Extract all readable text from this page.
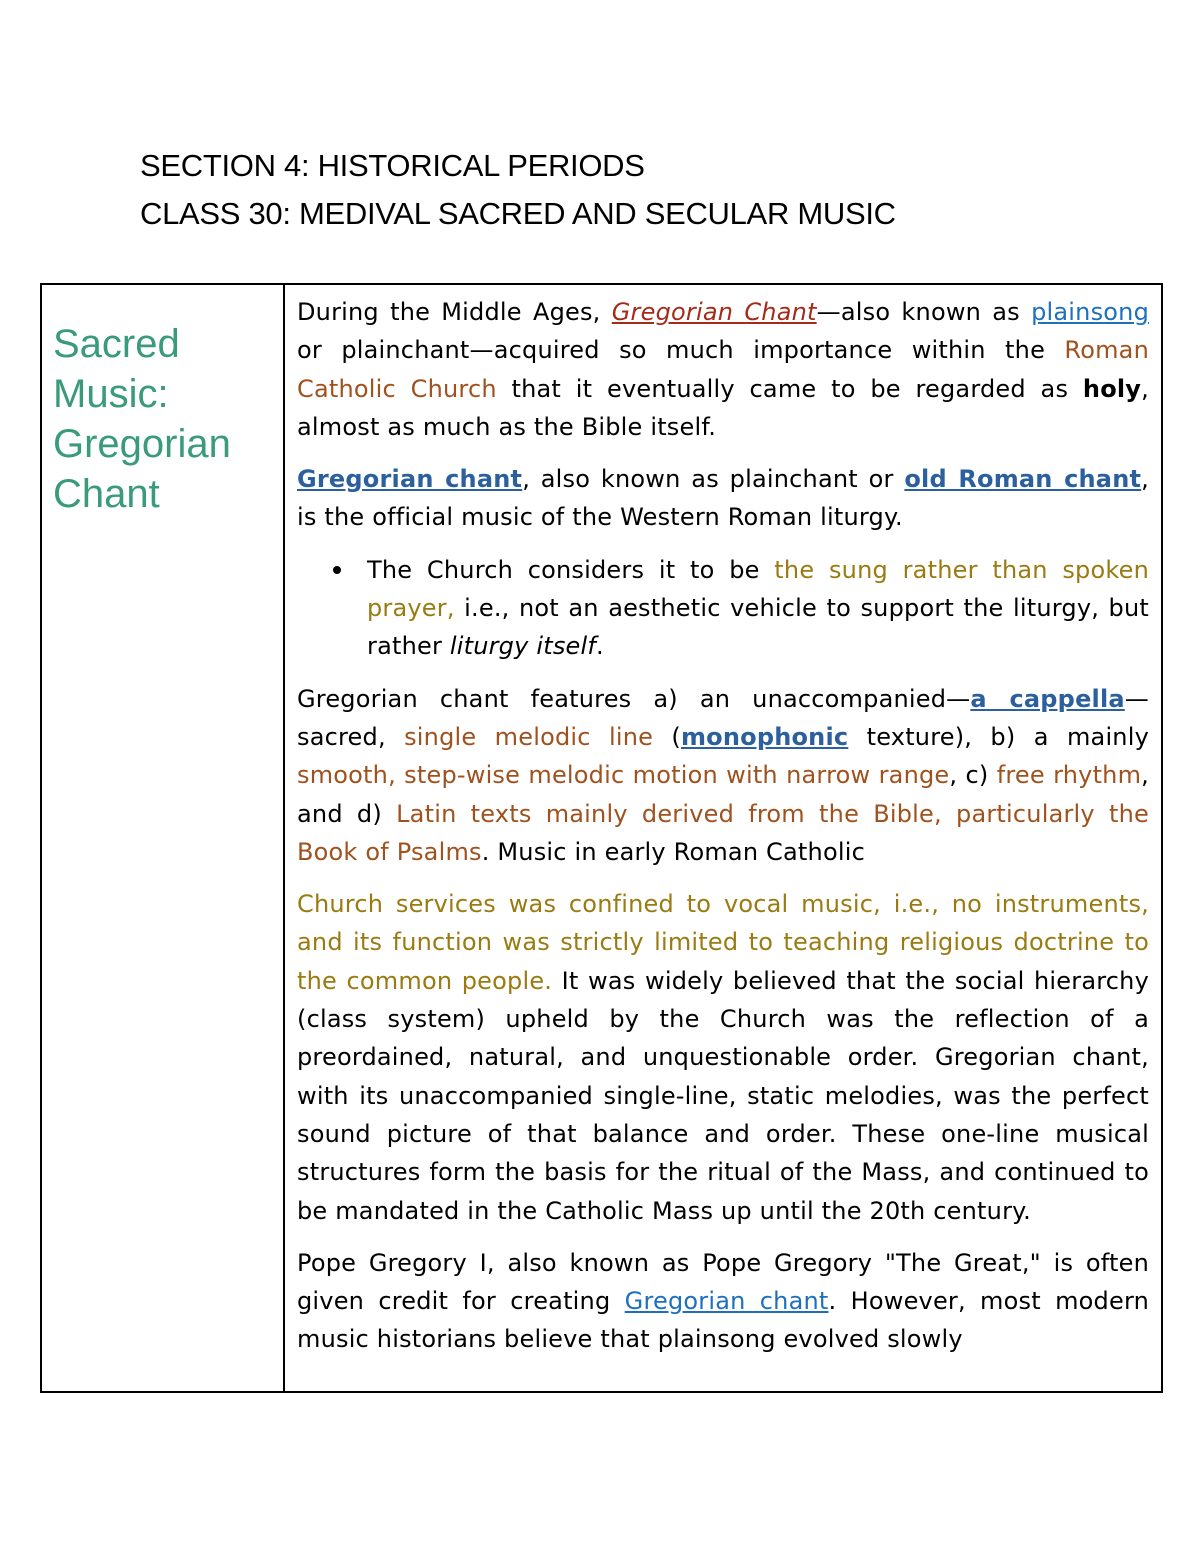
SECTION 4: HISTORICAL PERIODS
CLASS 30: MEDIVAL SACRED AND SECULAR MUSIC
Sacred
Music:
Gregorian
Chant

During the Middle Ages, Gregorian Chant—also known as plainsong or plainchant—acquired so much importance within the Roman Catholic Church that it eventually came to be regarded as holy, almost as much as the Bible itself.

Gregorian chant, also known as plainchant or old Roman chant, is the official music of the Western Roman liturgy.

The Church considers it to be the sung rather than spoken prayer, i.e., not an aesthetic vehicle to support the liturgy, but rather liturgy itself.

Gregorian chant features a) an unaccompanied—a cappella—sacred, single melodic line (monophonic texture), b) a mainly smooth, step-wise melodic motion with narrow range, c) free rhythm, and d) Latin texts mainly derived from the Bible, particularly the Book of Psalms. Music in early Roman Catholic

Church services was confined to vocal music, i.e., no instruments, and its function was strictly limited to teaching religious doctrine to the common people. It was widely believed that the social hierarchy (class system) upheld by the Church was the reflection of a preordained, natural, and unquestionable order. Gregorian chant, with its unaccompanied single-line, static melodies, was the perfect sound picture of that balance and order. These one-line musical structures form the basis for the ritual of the Mass, and continued to be mandated in the Catholic Mass up until the 20th century.

Pope Gregory I, also known as Pope Gregory "The Great," is often given credit for creating Gregorian chant. However, most modern music historians believe that plainsong evolved slowly
